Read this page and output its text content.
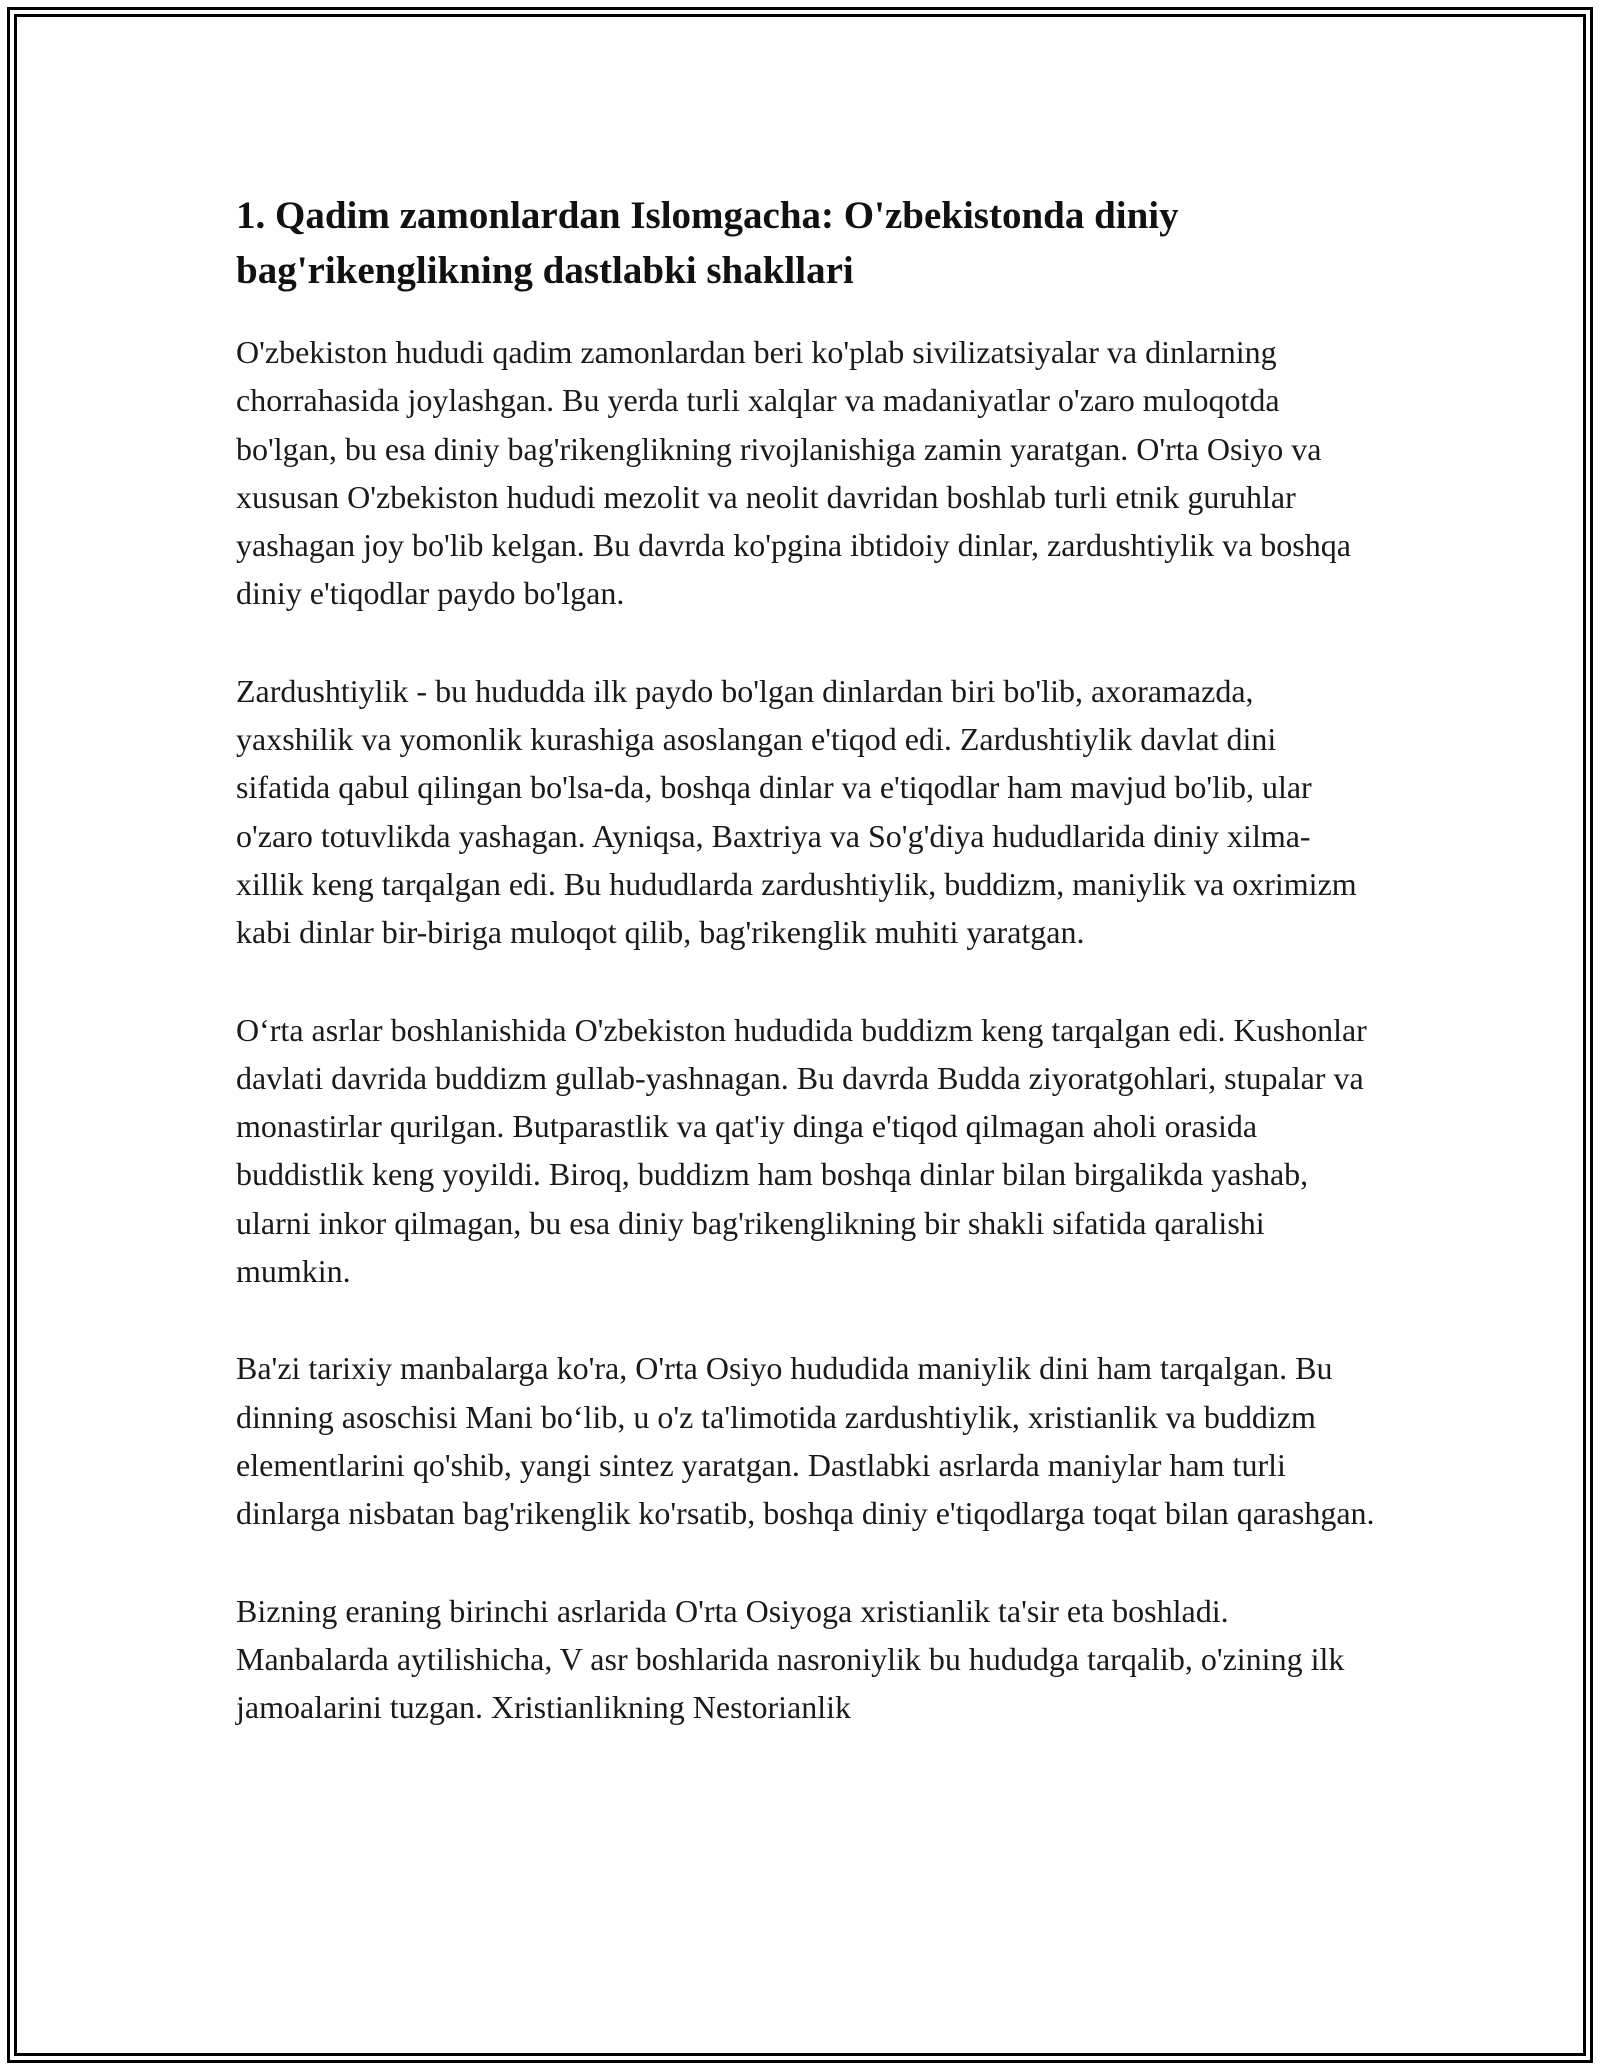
1. Qadim zamonlardan Islomgacha: O'zbekistonda diniy bag'rikenglikning dastlabki shakllari

O'zbekiston hududi qadim zamonlardan beri ko'plab sivilizatsiyalar va dinlarning chorrahasida joylashgan. Bu yerda turli xalqlar va madaniyatlar o'zaro muloqotda bo'lgan, bu esa diniy bag'rikenglikning rivojlanishiga zamin yaratgan. O'rta Osiyo va xususan O'zbekiston hududi mezolit va neolit davridan boshlab turli etnik guruhlar yashagan joy bo'lib kelgan. Bu davrda ko'pgina ibtidoiy dinlar, zardushtiylik va boshqa diniy e'tiqodlar paydo bo'lgan.

Zardushtiylik - bu hududda ilk paydo bo'lgan dinlardan biri bo'lib, axoramazda, yaxshilik va yomonlik kurashiga asoslangan e'tiqod edi. Zardushtiylik davlat dini sifatida qabul qilingan bo'lsa-da, boshqa dinlar va e'tiqodlar ham mavjud bo'lib, ular o'zaro totuvlikda yashagan. Ayniqsa, Baxtriya va So'g'diya hududlarida diniy xilma-xillik keng tarqalgan edi. Bu hududlarda zardushtiylik, buddizm, maniylik va oxrimizm kabi dinlar bir-biriga muloqot qilib, bag'rikenglik muhiti yaratgan.

O‘rta asrlar boshlanishida O'zbekiston hududida buddizm keng tarqalgan edi. Kushonlar davlati davrida buddizm gullab-yashnagan. Bu davrda Budda ziyoratgohlari, stupalar va monastirlar qurilgan. Butparastlik va qat'iy dinga e'tiqod qilmagan aholi orasida buddistlik keng yoyildi. Biroq, buddizm ham boshqa dinlar bilan birgalikda yashab, ularni inkor qilmagan, bu esa diniy bag'rikenglikning bir shakli sifatida qaralishi mumkin.

Ba'zi tarixiy manbalarga ko'ra, O'rta Osiyo hududida maniylik dini ham tarqalgan. Bu dinning asoschisi Mani bo‘lib, u o'z ta'limotida zardushtiylik, xristianlik va buddizm elementlarini qo'shib, yangi sintez yaratgan. Dastlabki asrlarda maniylar ham turli dinlarga nisbatan bag'rikenglik ko'rsatib, boshqa diniy e'tiqodlarga toqat bilan qarashgan.

Bizning eraning birinchi asrlarida O'rta Osiyoga xristianlik ta'sir eta boshladi. Manbalarda aytilishicha, V asr boshlarida nasroniylik bu hududga tarqalib, o'zining ilk jamoalarini tuzgan. Xristianlikning Nestorianlik
